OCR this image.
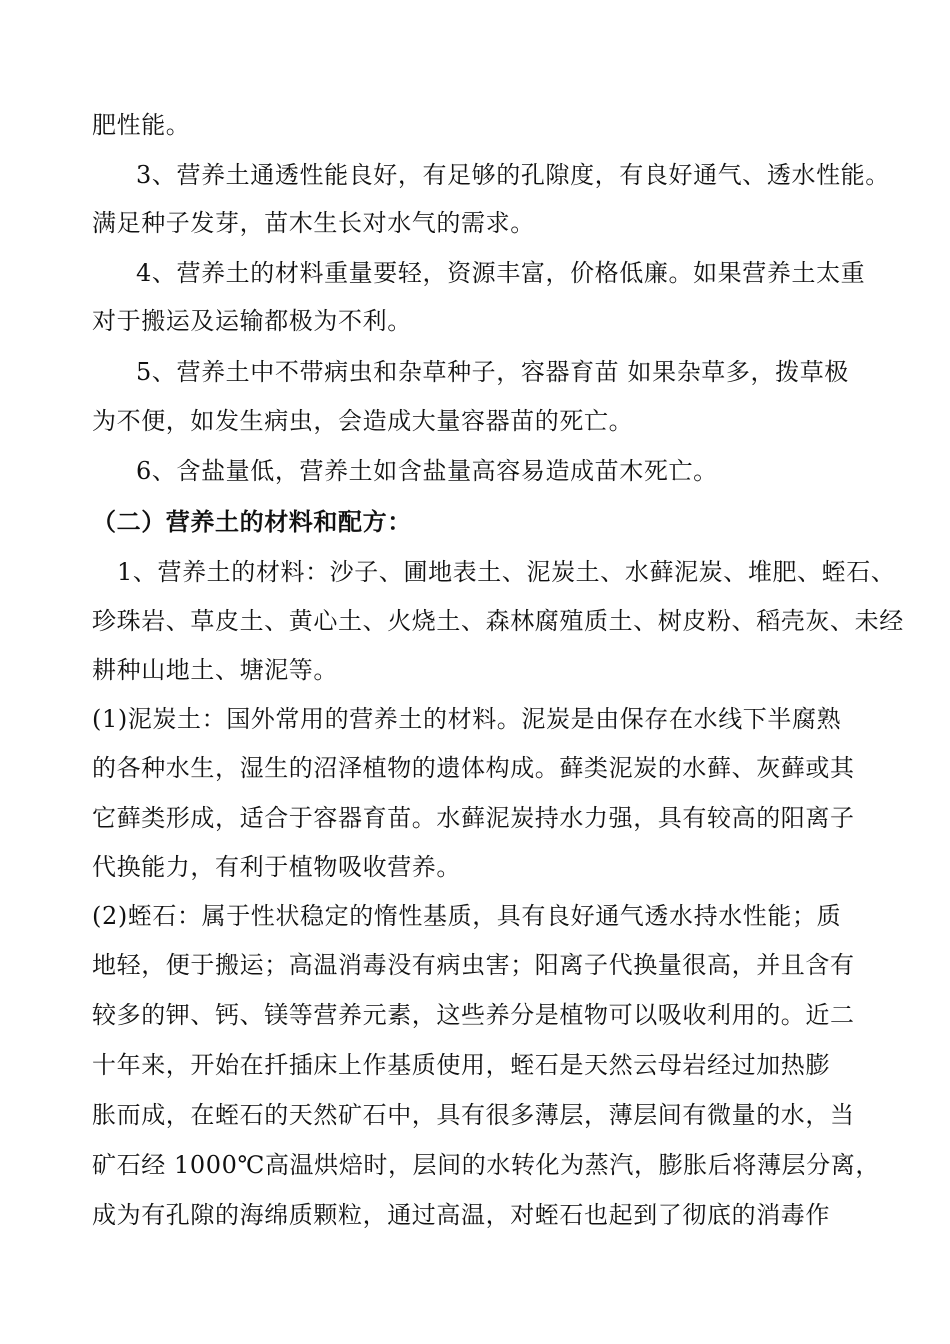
肥性能。
3、营养土通透性能良好，有足够的孔隙度，有良好通气、透水性能。
满足种子发芽，苗木生长对水气的需求。
4、营养土的材料重量要轻，资源丰富，价格低廉。如果营养土太重
对于搬运及运输都极为不利。
5、营养土中不带病虫和杂草种子，容器育苗 如果杂草多，拨草极
为不便，如发生病虫，会造成大量容器苗的死亡。
6、含盐量低，营养土如含盐量高容易造成苗木死亡。
（二）营养土的材料和配方：
1、营养土的材料：沙子、圃地表土、泥炭土、水藓泥炭、堆肥、蛭石、
珍珠岩、草皮土、黄心土、火烧土、森林腐殖质土、树皮粉、稻壳灰、未经
耕种山地土、塘泥等。
(1)泥炭土：国外常用的营养土的材料。泥炭是由保存在水线下半腐熟
的各种水生，湿生的沼泽植物的遗体构成。藓类泥炭的水藓、灰藓或其
它藓类形成，适合于容器育苗。水藓泥炭持水力强，具有较高的阳离子
代换能力，有利于植物吸收营养。
(2)蛭石：属于性状稳定的惰性基质，具有良好通气透水持水性能；质
地轻，便于搬运；高温消毒没有病虫害；阳离子代换量很高，并且含有
较多的钾、钙、镁等营养元素，这些养分是植物可以吸收利用的。近二
十年来，开始在扦插床上作基质使用，蛭石是天然云母岩经过加热膨
胀而成，在蛭石的天然矿石中，具有很多薄层，薄层间有微量的水，当
矿石经 1000℃高温烘焙时，层间的水转化为蒸汽，膨胀后将薄层分离，
成为有孔隙的海绵质颗粒，通过高温，对蛭石也起到了彻底的消毒作
